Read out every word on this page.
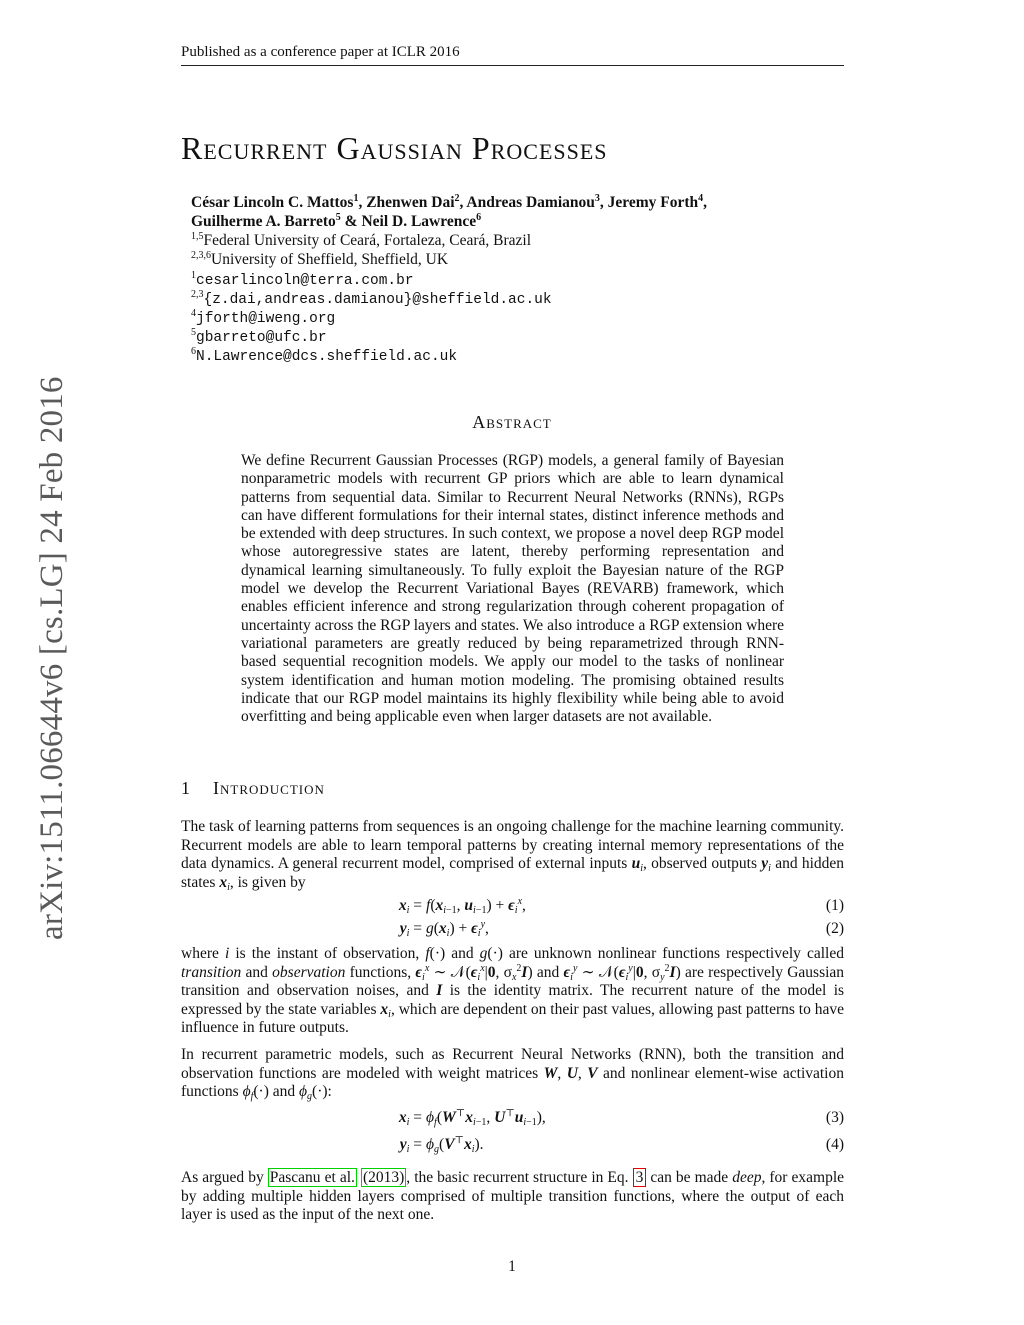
Published as a conference paper at ICLR 2016
arXiv:1511.06644v6 [cs.LG] 24 Feb 2016
Recurrent Gaussian Processes
César Lincoln C. Mattos$^1$, Zhenwen Dai$^2$, Andreas Damianou$^3$, Jeremy Forth$^4$,
Guilherme A. Barreto$^5$ & Neil D. Lawrence$^6$
$^{1,5}$Federal University of Ceará, Fortaleza, Ceará, Brazil
$^{2,3,6}$University of Sheffield, Sheffield, UK
$^1$cesarlincoln@terra.com.br
$^{2,3}${z.dai,andreas.damianou}@sheffield.ac.uk
$^4$jforth@iweng.org
$^5$gbarreto@ufc.br
$^6$N.Lawrence@dcs.sheffield.ac.uk
Abstract
We define Recurrent Gaussian Processes (RGP) models, a general family of Bayesian nonparametric models with recurrent GP priors which are able to learn dynamical patterns from sequential data. Similar to Recurrent Neural Networks (RNNs), RGPs can have different formulations for their internal states, distinct inference methods and be extended with deep structures. In such context, we propose a novel deep RGP model whose autoregressive states are latent, thereby performing representation and dynamical learning simultaneously. To fully exploit the Bayesian nature of the RGP model we develop the Recurrent Variational Bayes (REVARB) framework, which enables efficient inference and strong regularization through coherent propagation of uncertainty across the RGP layers and states. We also introduce a RGP extension where variational parameters are greatly reduced by being reparametrized through RNN-based sequential recognition models. We apply our model to the tasks of nonlinear system identification and human motion modeling. The promising obtained results indicate that our RGP model maintains its highly flexibility while being able to avoid overfitting and being applicable even when larger datasets are not available.
1 Introduction
The task of learning patterns from sequences is an ongoing challenge for the machine learning community. Recurrent models are able to learn temporal patterns by creating internal memory representations of the data dynamics. A general recurrent model, comprised of external inputs $u_i$, observed outputs $y_i$ and hidden states $x_i$, is given by
$x_i = f(x_{i-1}$, $u_{i-1}) + \epsilon_i^x$,	(1)
$y_i = g(x_i) + \epsilon_i^y$,	(2)
where i is the instant of observation, f(·) and g(·) are unknown nonlinear functions respectively called transition and observation functions, $\epsilon_i^x$ ∼ $𝒩(\epsilon_i^x|0$, $\sigma_x^2I$) and $\epsilon_i^y$ ∼ $𝒩(\epsilon_i^y|0$, $\sigma_y^2I$) are respectively Gaussian transition and observation noises, and I is the identity matrix. The recurrent nature of the model is expressed by the state variables $x_i$, which are dependent on their past values, allowing past patterns to have influence in future outputs.
In recurrent parametric models, such as Recurrent Neural Networks (RNN), both the transition and observation functions are modeled with weight matrices W, U, V and nonlinear element-wise activation functions $\phi_f(\cdot)$ and $\phi_g(\cdot)$:
$x_i = \phi_f(W^⊤x_{i-1}$, $U^⊤u_{i-1}$),	(3)
$y_i = \phi_g(V^⊤x_i)$.	(4)
As argued by Pascanu et al. (2013) , the basic recurrent structure in Eq. 3 can be made deep, for example by adding multiple hidden layers comprised of multiple transition functions, where the output of each layer is used as the input of the next one.
1
